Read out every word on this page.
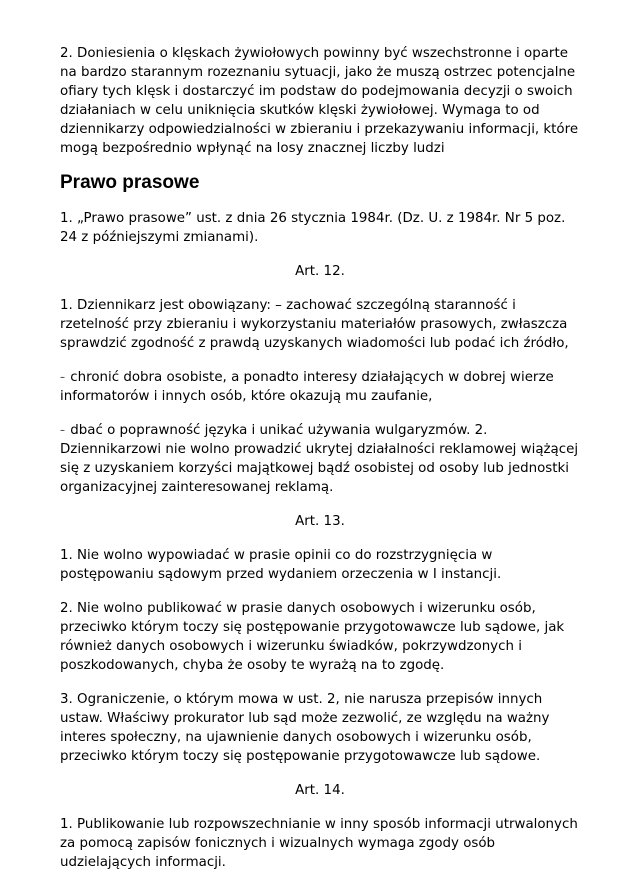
2. Doniesienia o klęskach żywiołowych powinny być wszechstronne i oparte na bardzo starannym rozeznaniu sytuacji, jako że muszą ostrzec potencjalne ofiary tych klęsk i dostarczyć im podstaw do podejmowania decyzji o swoich działaniach w celu uniknięcia skutków klęski żywiołowej. Wymaga to od dziennikarzy odpowiedzialności w zbieraniu i przekazywaniu informacji, które mogą bezpośrednio wpłynąć na losy znacznej liczby ludzi

Prawo prasowe

1. „Prawo prasowe” ust. z dnia 26 stycznia 1984r. (Dz. U. z 1984r. Nr 5 poz. 24 z późniejszymi zmianami).

Art. 12.

1. Dziennikarz jest obowiązany: – zachować szczególną staranność i rzetelność przy zbieraniu i wykorzystaniu materiałów prasowych, zwłaszcza sprawdzić zgodność z prawdą uzyskanych wiadomości lub podać ich źródło,

– chronić dobra osobiste, a ponadto interesy działających w dobrej wierze informatorów i innych osób, które okazują mu zaufanie,

– dbać o poprawność języka i unikać używania wulgaryzmów. 2. Dziennikarzowi nie wolno prowadzić ukrytej działalności reklamowej wiążącej się z uzyskaniem korzyści majątkowej bądź osobistej od osoby lub jednostki organizacyjnej zainteresowanej reklamą.

Art. 13.

1. Nie wolno wypowiadać w prasie opinii co do rozstrzygnięcia w postępowaniu sądowym przed wydaniem orzeczenia w I instancji.

2. Nie wolno publikować w prasie danych osobowych i wizerunku osób, przeciwko którym toczy się postępowanie przygotowawcze lub sądowe, jak również danych osobowych i wizerunku świadków, pokrzywdzonych i poszkodowanych, chyba że osoby te wyrażą na to zgodę.

3. Ograniczenie, o którym mowa w ust. 2, nie narusza przepisów innych ustaw. Właściwy prokurator lub sąd może zezwolić, ze względu na ważny interes społeczny, na ujawnienie danych osobowych i wizerunku osób, przeciwko którym toczy się postępowanie przygotowawcze lub sądowe.

Art. 14.

1. Publikowanie lub rozpowszechnianie w inny sposób informacji utrwalonych za pomocą zapisów fonicznych i wizualnych wymaga zgody osób udzielających informacji.
